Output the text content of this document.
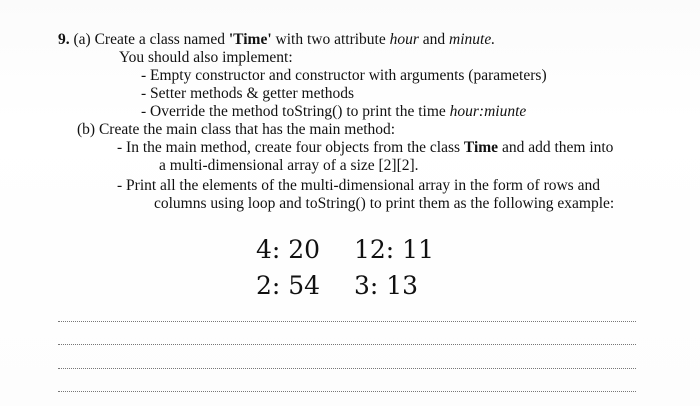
9. (a) Create a class named 'Time' with two attribute hour and minute.
You should also implement:
- Empty constructor and constructor with arguments (parameters)
- Setter methods & getter methods
- Override the method toString() to print the time hour:miunte
(b) Create the main class that has the main method:
- In the main method, create four objects from the class Time and add them into
a multi-dimensional array of a size [2][2].
- Print all the elements of the multi-dimensional array in the form of rows and
columns using loop and toString() to print them as the following example:
4: 20	12: 11
2: 54	3: 13
